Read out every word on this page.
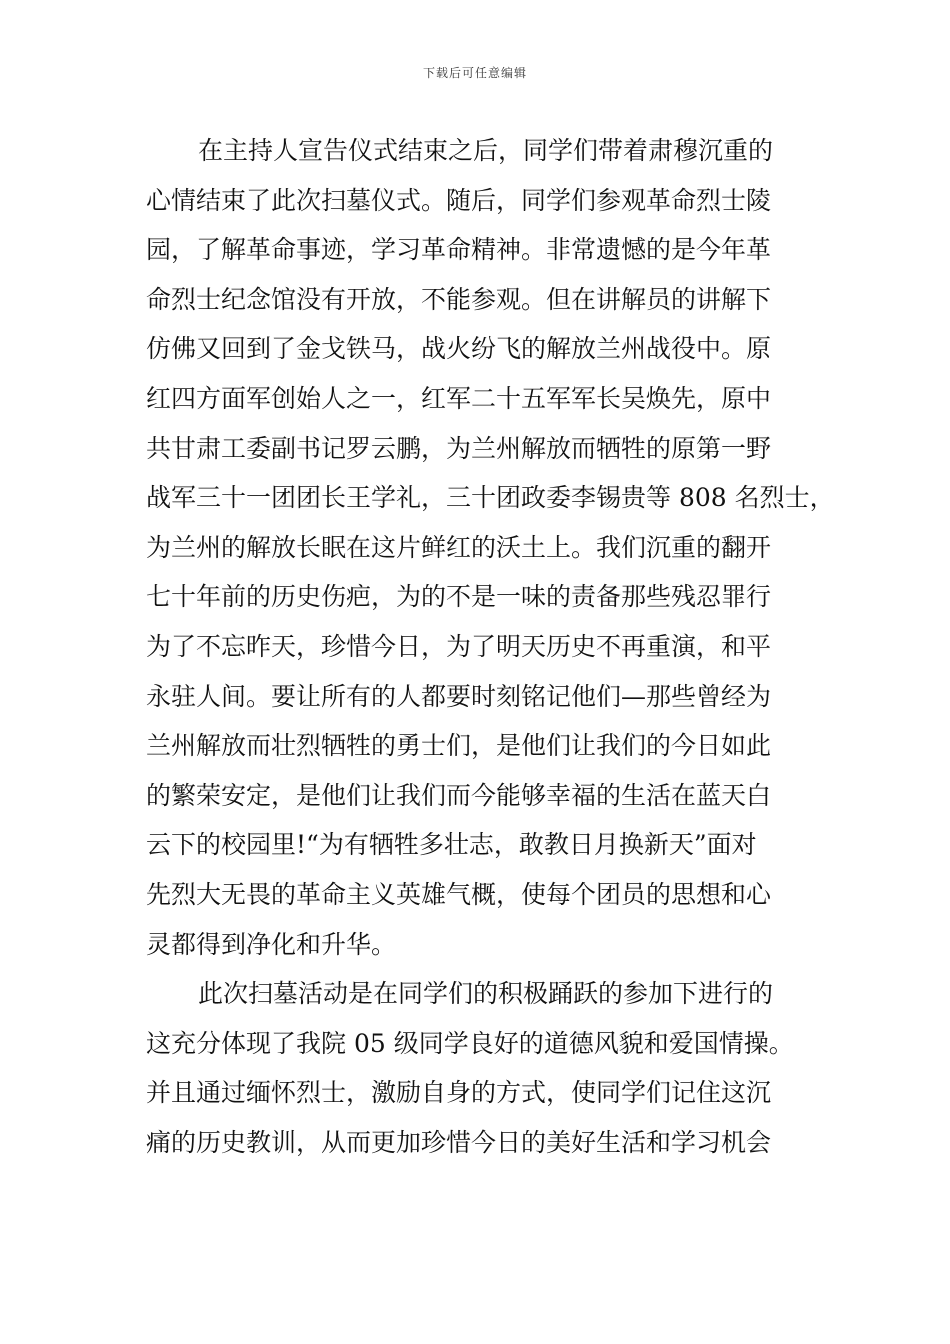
下载后可任意编辑
在主持人宣告仪式结束之后，同学们带着肃穆沉重的
心情结束了此次扫墓仪式。随后，同学们参观革命烈士陵
园，了解革命事迹，学习革命精神。非常遗憾的是今年革
命烈士纪念馆没有开放，不能参观。但在讲解员的讲解下
仿佛又回到了金戈铁马，战火纷飞的解放兰州战役中。原
红四方面军创始人之一，红军二十五军军长吴焕先，原中
共甘肃工委副书记罗云鹏，为兰州解放而牺牲的原第一野
战军三十一团团长王学礼，三十团政委李锡贵等 808 名烈士，
为兰州的解放长眠在这片鲜红的沃土上。我们沉重的翻开
七十年前的历史伤疤，为的不是一味的责备那些残忍罪行
为了不忘昨天，珍惜今日，为了明天历史不再重演，和平
永驻人间。要让所有的人都要时刻铭记他们—那些曾经为
兰州解放而壮烈牺牲的勇士们，是他们让我们的今日如此
的繁荣安定，是他们让我们而今能够幸福的生活在蓝天白
云下的校园里!“为有牺牲多壮志，敢教日月换新天”面对
先烈大无畏的革命主义英雄气概，使每个团员的思想和心
灵都得到净化和升华。
此次扫墓活动是在同学们的积极踊跃的参加下进行的
这充分体现了我院 05 级同学良好的道德风貌和爱国情操。
并且通过缅怀烈士，激励自身的方式，使同学们记住这沉
痛的历史教训，从而更加珍惜今日的美好生活和学习机会
